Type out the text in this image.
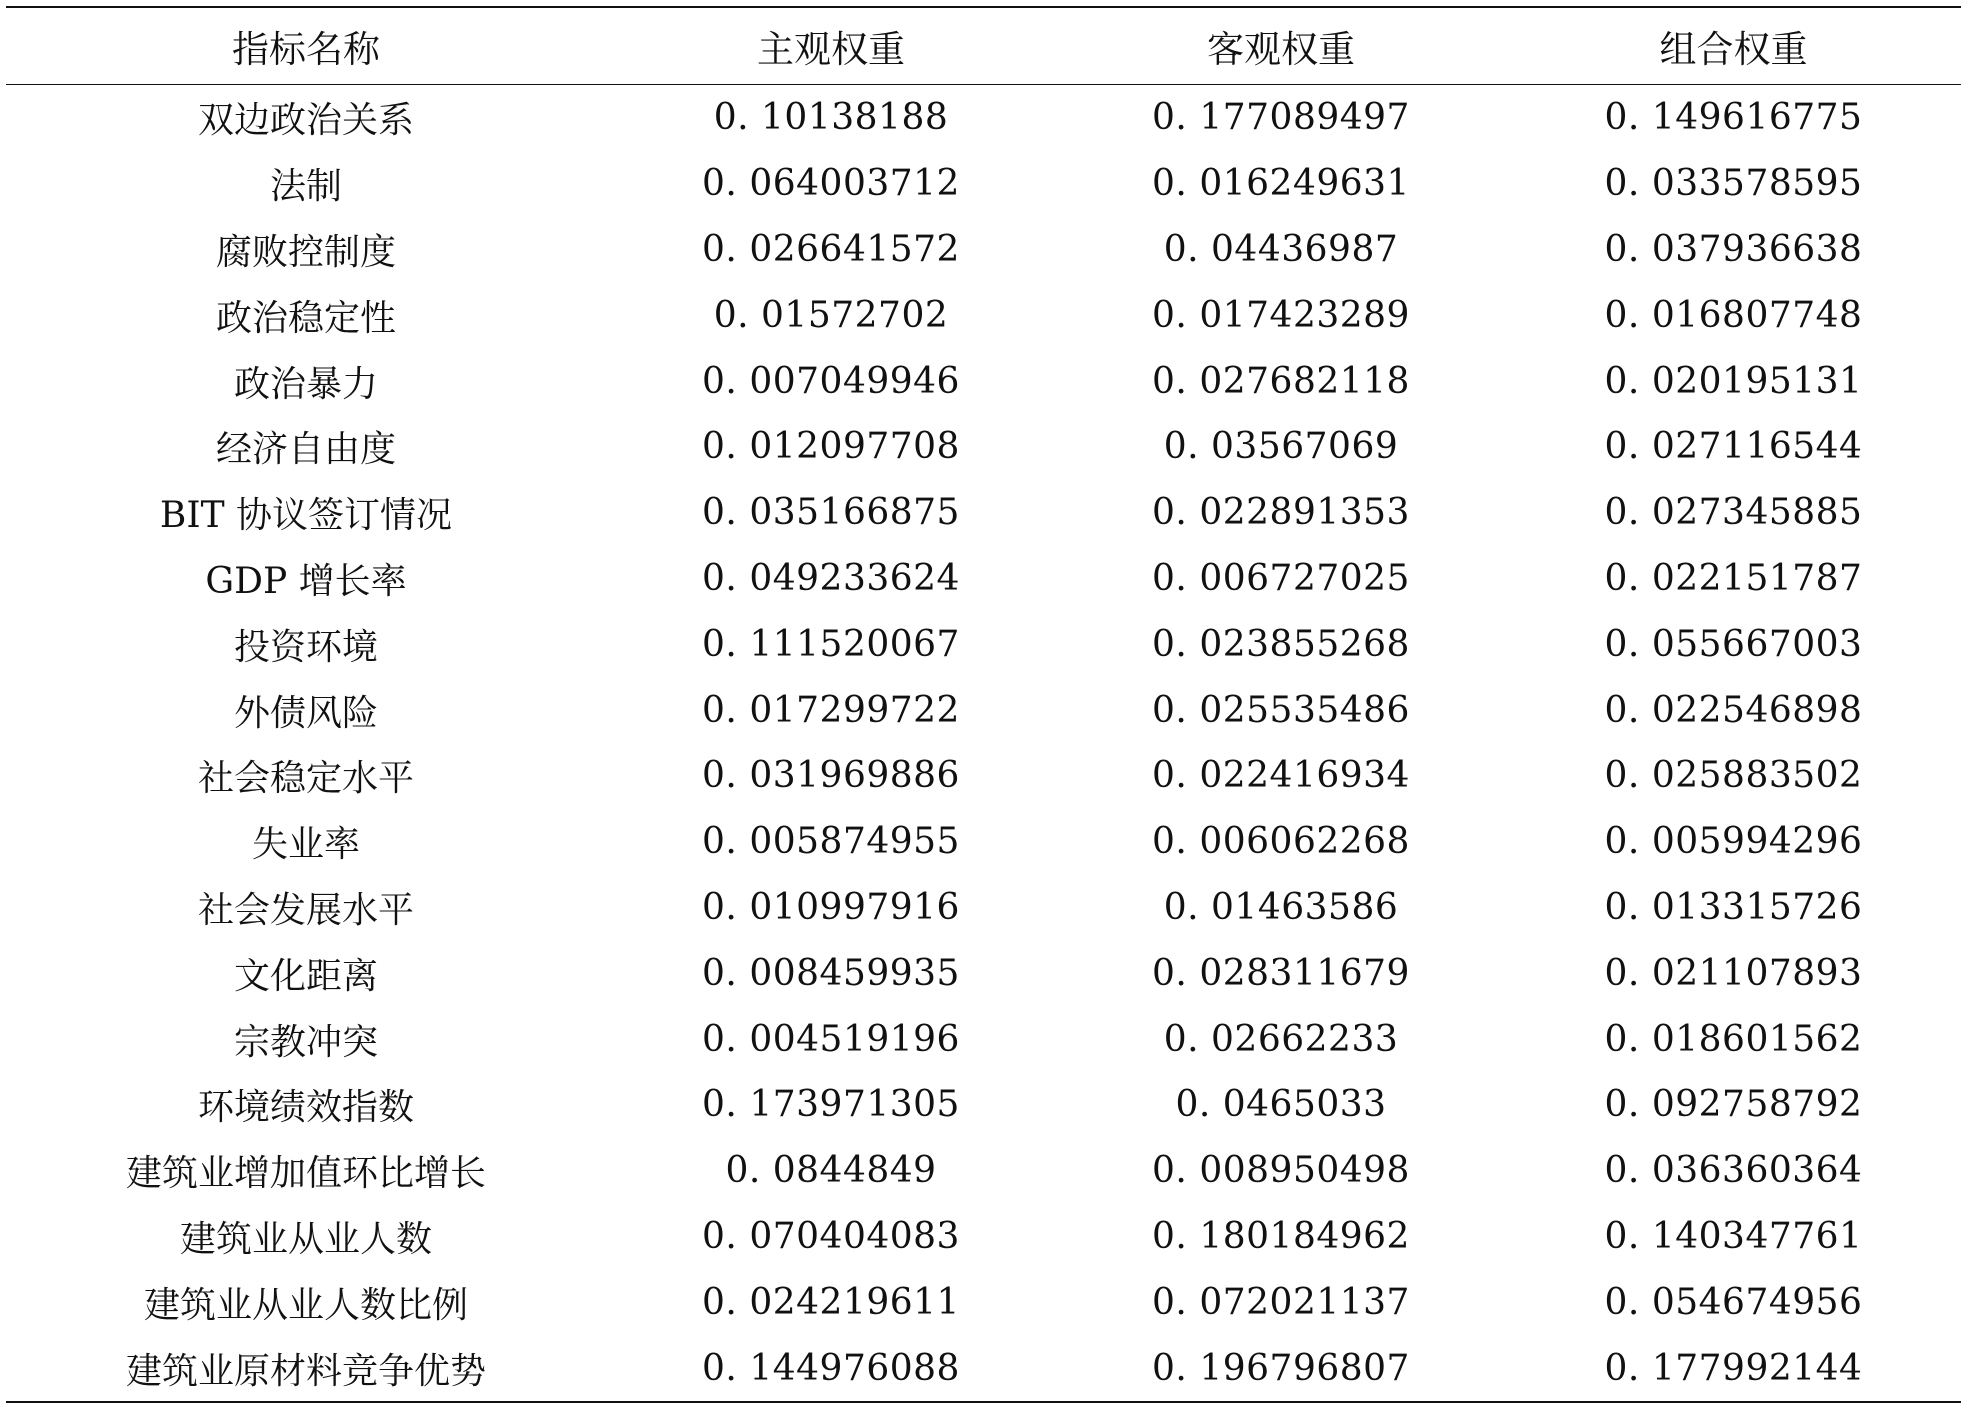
指标名称	主观权重	客观权重	组合权重
双边政治关系	0. 10138188	0. 177089497	0. 149616775
法制	0. 064003712	0. 016249631	0. 033578595
腐败控制度	0. 026641572	0. 04436987	0. 037936638
政治稳定性	0. 01572702	0. 017423289	0. 016807748
政治暴力	0. 007049946	0. 027682118	0. 020195131
经济自由度	0. 012097708	0. 03567069	0. 027116544
BIT 协议签订情况	0. 035166875	0. 022891353	0. 027345885
GDP 增长率	0. 049233624	0. 006727025	0. 022151787
投资环境	0. 111520067	0. 023855268	0. 055667003
外债风险	0. 017299722	0. 025535486	0. 022546898
社会稳定水平	0. 031969886	0. 022416934	0. 025883502
失业率	0. 005874955	0. 006062268	0. 005994296
社会发展水平	0. 010997916	0. 01463586	0. 013315726
文化距离	0. 008459935	0. 028311679	0. 021107893
宗教冲突	0. 004519196	0. 02662233	0. 018601562
环境绩效指数	0. 173971305	0. 0465033	0. 092758792
建筑业增加值环比增长	0. 0844849	0. 008950498	0. 036360364
建筑业从业人数	0. 070404083	0. 180184962	0. 140347761
建筑业从业人数比例	0. 024219611	0. 072021137	0. 054674956
建筑业原材料竞争优势	0. 144976088	0. 196796807	0. 177992144
